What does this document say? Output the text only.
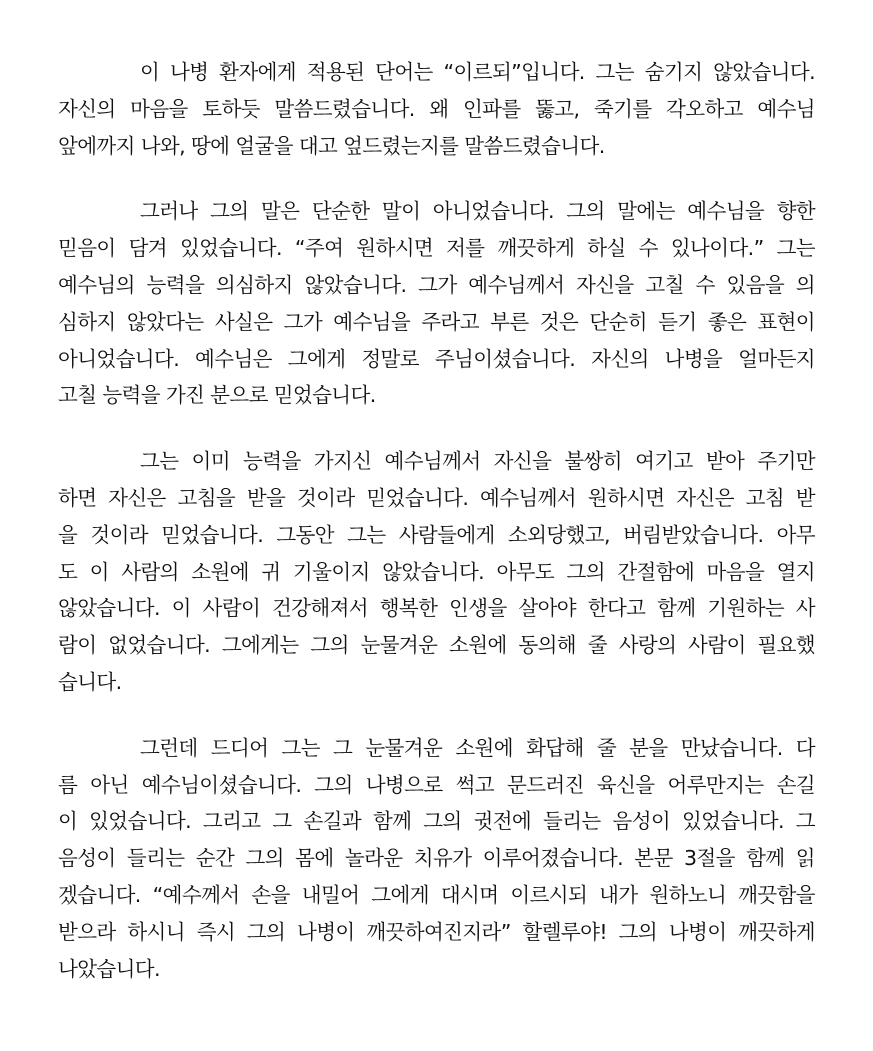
이 나병 환자에게 적용된 단어는 “이르되”입니다. 그는 숨기지 않았습니다.
자신의 마음을 토하듯 말씀드렸습니다. 왜 인파를 뚫고, 죽기를 각오하고 예수님
앞에까지 나와, 땅에 얼굴을 대고 엎드렸는지를 말씀드렸습니다.
그러나 그의 말은 단순한 말이 아니었습니다. 그의 말에는 예수님을 향한
믿음이 담겨 있었습니다. “주여 원하시면 저를 깨끗하게 하실 수 있나이다.” 그는
예수님의 능력을 의심하지 않았습니다. 그가 예수님께서 자신을 고칠 수 있음을 의
심하지 않았다는 사실은 그가 예수님을 주라고 부른 것은 단순히 듣기 좋은 표현이
아니었습니다. 예수님은 그에게 정말로 주님이셨습니다. 자신의 나병을 얼마든지
고칠 능력을 가진 분으로 믿었습니다.
그는 이미 능력을 가지신 예수님께서 자신을 불쌍히 여기고 받아 주기만
하면 자신은 고침을 받을 것이라 믿었습니다. 예수님께서 원하시면 자신은 고침 받
을 것이라 믿었습니다. 그동안 그는 사람들에게 소외당했고, 버림받았습니다. 아무
도 이 사람의 소원에 귀 기울이지 않았습니다. 아무도 그의 간절함에 마음을 열지
않았습니다. 이 사람이 건강해져서 행복한 인생을 살아야 한다고 함께 기원하는 사
람이 없었습니다. 그에게는 그의 눈물겨운 소원에 동의해 줄 사랑의 사람이 필요했
습니다.
그런데 드디어 그는 그 눈물겨운 소원에 화답해 줄 분을 만났습니다. 다
름 아닌 예수님이셨습니다. 그의 나병으로 썩고 문드러진 육신을 어루만지는 손길
이 있었습니다. 그리고 그 손길과 함께 그의 귓전에 들리는 음성이 있었습니다. 그
음성이 들리는 순간 그의 몸에 놀라운 치유가 이루어졌습니다. 본문 3절을 함께 읽
겠습니다. “예수께서 손을 내밀어 그에게 대시며 이르시되 내가 원하노니 깨끗함을
받으라 하시니 즉시 그의 나병이 깨끗하여진지라” 할렐루야! 그의 나병이 깨끗하게
나았습니다.
